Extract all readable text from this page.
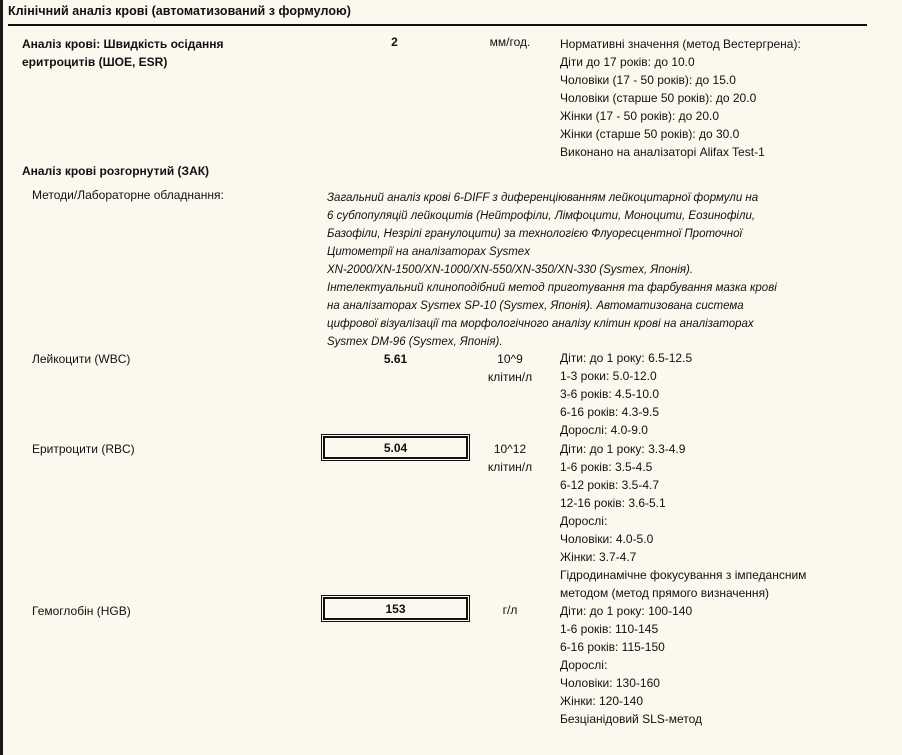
Клінічний аналіз крові (автоматизований з формулою)
Аналіз крові: Швидкість осідання
еритроцитів (ШОЕ, ESR)
2	мм/год.	Нормативні значення (метод Вестергрена):
Діти до 17 років: до 10.0
Чоловіки (17 - 50 років): до 15.0
Чоловіки (старше 50 років): до 20.0
Жінки (17 - 50 років): до 20.0
Жінки (старше 50 років): до 30.0
Виконано на аналізаторі Alifax Test-1
Аналіз крові розгорнутий (ЗАК)
Методи/Лабораторне обладнання:	Загальний аналіз крові 6-DIFF з диференціюванням лейкоцитарної формули на
6 субпопуляцій лейкоцитів (Нейтрофіли, Лімфоцити, Моноцити, Еозинофіли,
Базофіли, Незрілі гранулоцити) за технологією Флуоресцентної Проточної
Цитометрії на аналізаторах Sysmex
XN-2000/XN-1500/XN-1000/XN-550/XN-350/XN-330 (Sysmex, Японія).
Інтелектуальний клиноподібний метод приготування та фарбування мазка крові
на аналізаторах Sysmex SP-10 (Sysmex, Японія). Автоматизована система
цифрової візуалізації та морфологічного аналізу клітин крові на аналізаторах
Sysmex DM-96 (Sysmex, Японія).
Лейкоцити (WBC)	5.61	10^9
клітин/л
Діти: до 1 року: 6.5-12.5
1-3 роки: 5.0-12.0
3-6 років: 4.5-10.0
6-16 років: 4.3-9.5
Дорослі: 4.0-9.0
Еритроцити (RBC)	5.04	10^12
клітин/л
Діти: до 1 року: 3.3-4.9
1-6 років: 3.5-4.5
6-12 років: 3.5-4.7
12-16 років: 3.6-5.1
Дорослі:
Чоловіки: 4.0-5.0
Жінки: 3.7-4.7
Гідродинамічне фокусування з імпедансним
методом (метод прямого визначення)
Гемоглобін (HGB)	153	г/л	Діти: до 1 року: 100-140
1-6 років: 110-145
6-16 років: 115-150
Дорослі:
Чоловіки: 130-160
Жінки: 120-140
Безціанідовий SLS-метод
